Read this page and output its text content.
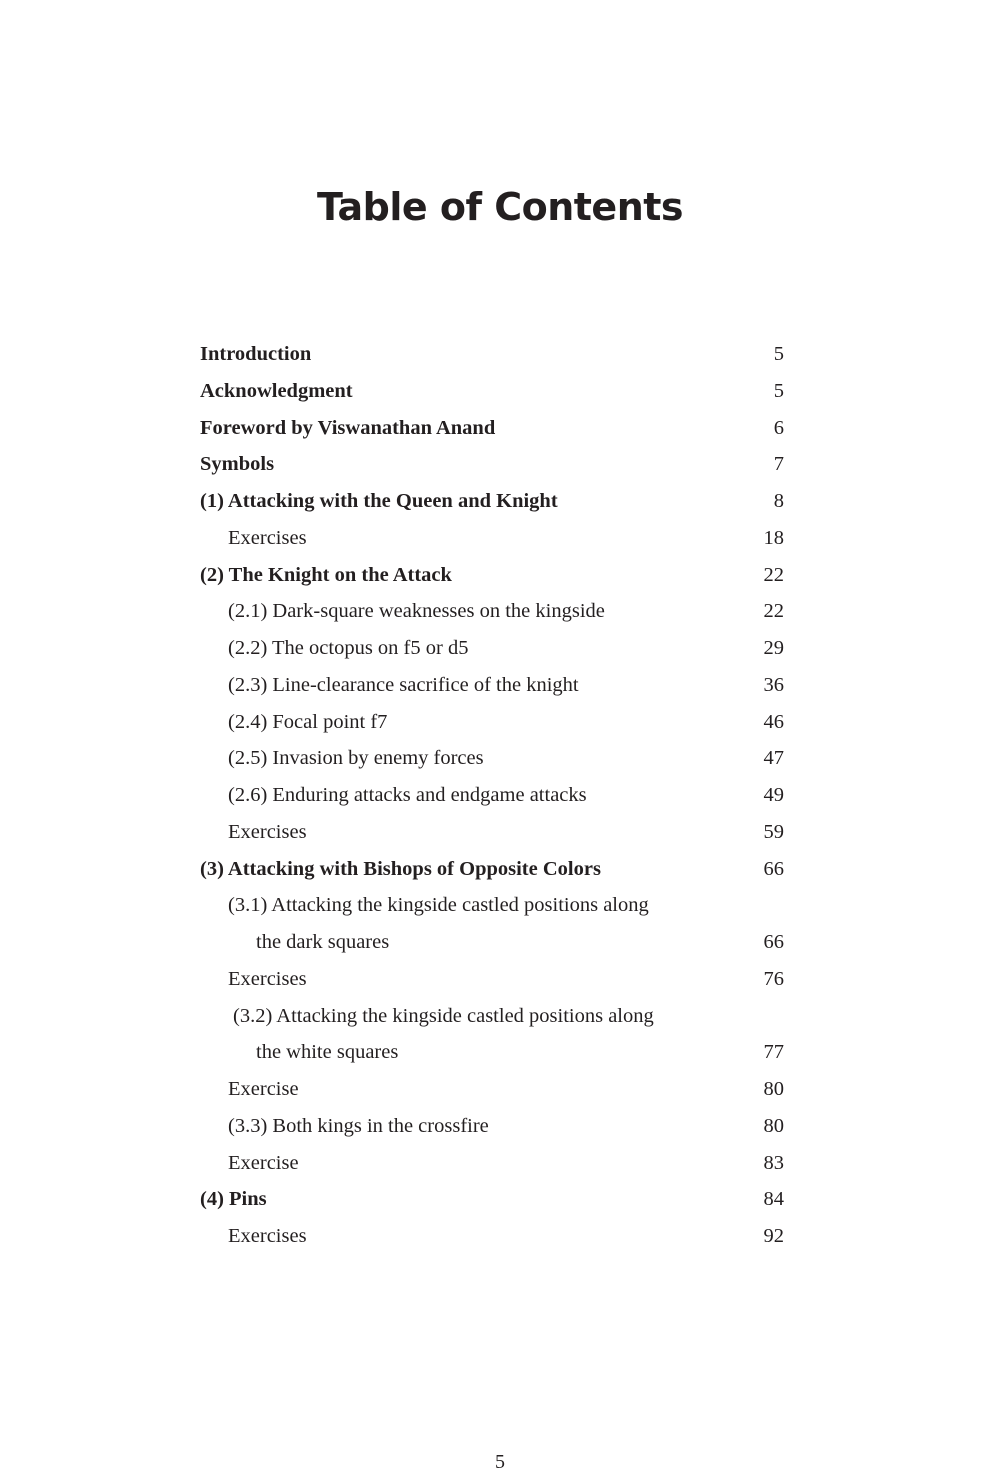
Table of Contents
Introduction	5
Acknowledgment	5
Foreword by Viswanathan Anand	6
Symbols	7
(1) Attacking with the Queen and Knight	8
Exercises	18
(2) The Knight on the Attack	22
(2.1) Dark-square weaknesses on the kingside	22
(2.2) The octopus on f5 or d5	29
(2.3) Line-clearance sacrifice of the knight	36
(2.4) Focal point f7	46
(2.5) Invasion by enemy forces	47
(2.6) Enduring attacks and endgame attacks	49
Exercises	59
(3) Attacking with Bishops of Opposite Colors	66
(3.1) Attacking the kingside castled positions along
the dark squares	66
Exercises	76
(3.2) Attacking the kingside castled positions along
the white squares	77
Exercise	80
(3.3) Both kings in the crossfire	80
Exercise	83
(4) Pins	84
Exercises	92
5
